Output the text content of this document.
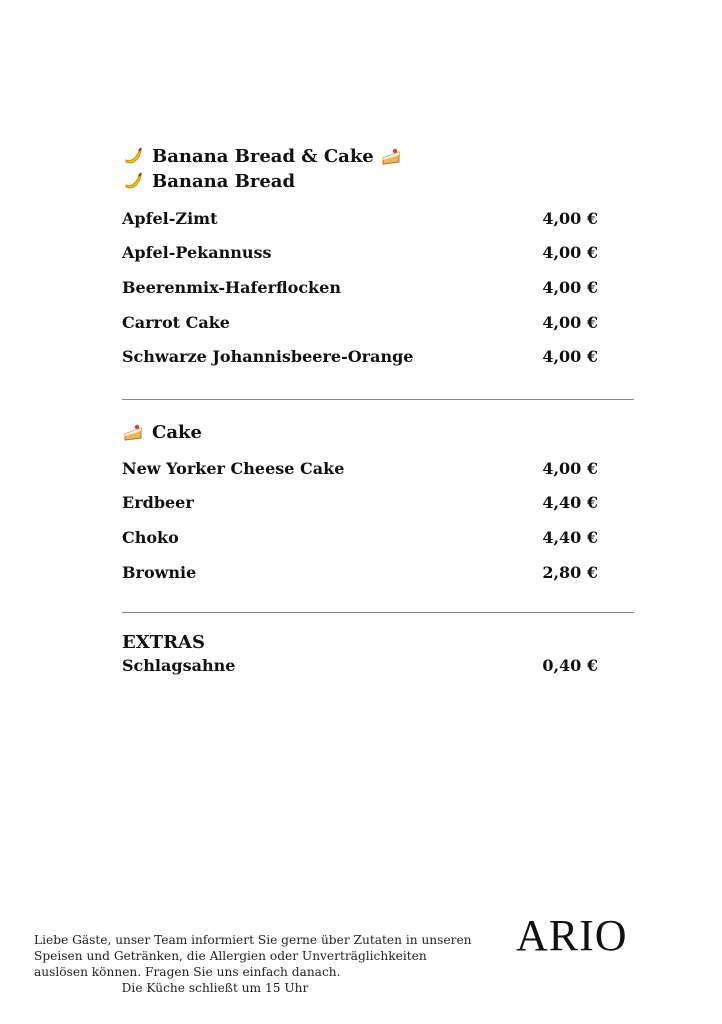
Banana Bread & Cake
Banana Bread
Apfel-Zimt	4,00 €
Apfel-Pekannuss	4,00 €
Beerenmix-Haferflocken	4,00 €
Carrot Cake	4,00 €
Schwarze Johannisbeere-Orange	4,00 €
Cake
New Yorker Cheese Cake	4,00 €
Erdbeer	4,40 €
Choko	4,40 €
Brownie	2,80 €
EXTRAS
Schlagsahne	0,40 €
Liebe Gäste, unser Team informiert Sie gerne über Zutaten in unseren
Speisen und Getränken, die Allergien oder Unverträglichkeiten
auslösen können. Fragen Sie uns einfach danach.
Die Küche schließt um 15 Uhr
ARIO
